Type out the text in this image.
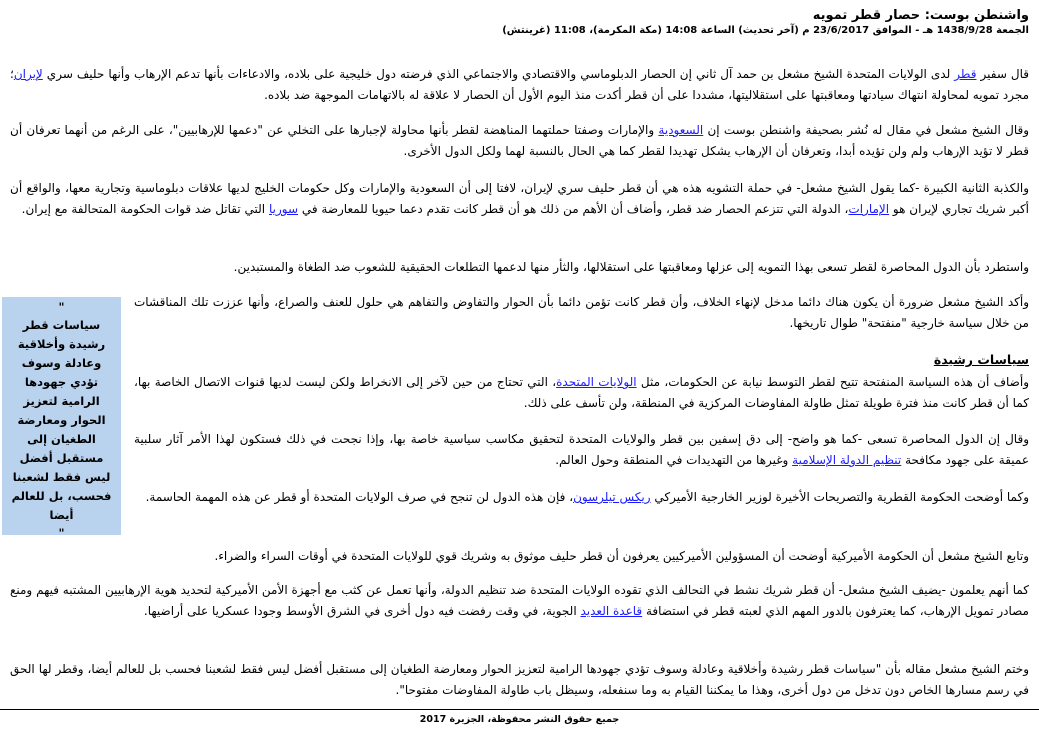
واشنطن بوست: حصار قطر تمويه

الجمعة 1438/9/28 هـ - الموافق 23/6/2017 م (آخر تحديث) الساعة 14:08 (مكة المكرمة)، 11:08 (غرينتش)

قال سفير قطر لدى الولايات المتحدة الشيخ مشعل بن حمد آل ثاني إن الحصار الدبلوماسي والاقتصادي والاجتماعي الذي فرضته دول خليجية على بلاده، والادعاءات بأنها تدعم الإرهاب وأنها حليف سري لإيران؛ مجرد تمويه لمحاولة انتهاك سيادتها ومعاقبتها على استقلاليتها، مشددا على أن قطر أكدت منذ اليوم الأول أن الحصار لا علاقة له بالاتهامات الموجهة ضد بلاده.

وقال الشيخ مشعل في مقال له نُشر بصحيفة واشنطن بوست إن السعودية والإمارات وصفتا حملتهما المناهضة لقطر بأنها محاولة لإجبارها على التخلي عن "دعمها للإرهابيين"، على الرغم من أنهما تعرفان أن قطر لا تؤيد الإرهاب ولم ولن تؤيده أبدا، وتعرفان أن الإرهاب يشكل تهديدا لقطر كما هي الحال بالنسبة لهما ولكل الدول الأخرى.

والكذبة الثانية الكبيرة -كما يقول الشيخ مشعل- في حملة التشويه هذه هي أن قطر حليف سري لإيران، لافتا إلى أن السعودية والإمارات وكل حكومات الخليج لديها علاقات دبلوماسية وتجارية معها، والواقع أن أكبر شريك تجاري لإيران هو الإمارات، الدولة التي تتزعم الحصار ضد قطر، وأضاف أن الأهم من ذلك هو أن قطر كانت تقدم دعما حيويا للمعارضة في سوريا التي تقاتل ضد قوات الحكومة المتحالفة مع إيران.

واستطرد بأن الدول المحاصرة لقطر تسعى بهذا التمويه إلى عزلها ومعاقبتها على استقلالها، والثأر منها لدعمها التطلعات الحقيقية للشعوب ضد الطغاة والمستبدين.

وأكد الشيخ مشعل ضرورة أن يكون هناك دائما مدخل لإنهاء الخلاف، وأن قطر كانت تؤمن دائما بأن الحوار والتفاوض والتفاهم هي حلول للعنف والصراع، وأنها عززت تلك المناقشات من خلال سياسة خارجية "منفتحة" طوال تاريخها.

سياسات رشيدة

وأضاف أن هذه السياسة المنفتحة تتيح لقطر التوسط نيابة عن الحكومات، مثل الولايات المتحدة، التي تحتاج من حين لآخر إلى الانخراط ولكن ليست لديها قنوات الاتصال الخاصة بها، كما أن قطر كانت منذ فترة طويلة تمثل طاولة المفاوضات المركزية في المنطقة، ولن تأسف على ذلك.

وقال إن الدول المحاصرة تسعى -كما هو واضح- إلى دق إسفين بين قطر والولايات المتحدة لتحقيق مكاسب سياسية خاصة بها، وإذا نجحت في ذلك فستكون لهذا الأمر آثار سلبية عميقة على جهود مكافحة تنظيم الدولة الإسلامية وغيرها من التهديدات في المنطقة وحول العالم.

وكما أوضحت الحكومة القطرية والتصريحات الأخيرة لوزير الخارجية الأميركي ريكس تيلرسون، فإن هذه الدول لن تنجح في صرف الولايات المتحدة أو قطر عن هذه المهمة الحاسمة.

وتابع الشيخ مشعل أن الحكومة الأميركية أوضحت أن المسؤولين الأميركيين يعرفون أن قطر حليف موثوق به وشريك قوي للولايات المتحدة في أوقات السراء والضراء.

كما أنهم يعلمون -يضيف الشيخ مشعل- أن قطر شريك نشط في التحالف الذي تقوده الولايات المتحدة ضد تنظيم الدولة، وأنها تعمل عن كثب مع أجهزة الأمن الأميركية لتحديد هوية الإرهابيين المشتبه فيهم ومنع مصادر تمويل الإرهاب، كما يعترفون بالدور المهم الذي لعبته قطر في استضافة قاعدة العديد الجوية، في وقت رفضت فيه دول أخرى في الشرق الأوسط وجودا عسكريا على أراضيها.

وختم الشيخ مشعل مقاله بأن "سياسات قطر رشيدة وأخلاقية وعادلة وسوف تؤدي جهودها الرامية لتعزيز الحوار ومعارضة الطغيان إلى مستقبل أفضل ليس فقط لشعبنا فحسب بل للعالم أيضا، وقطر لها الحق في رسم مسارها الخاص دون تدخل من دول أخرى، وهذا ما يمكننا القيام به وما سنفعله، وسيظل باب طاولة المفاوضات مفتوحا".

"
سياسات قطر رشيدة وأخلاقية وعادلة وسوف تؤدي جهودها الرامية لتعزيز الحوار ومعارضة الطغيان إلى مستقبل أفضل ليس فقط لشعبنا فحسب، بل للعالم أيضا
"
جميع حقوق النشر محفوظة، الجزيرة 2017
